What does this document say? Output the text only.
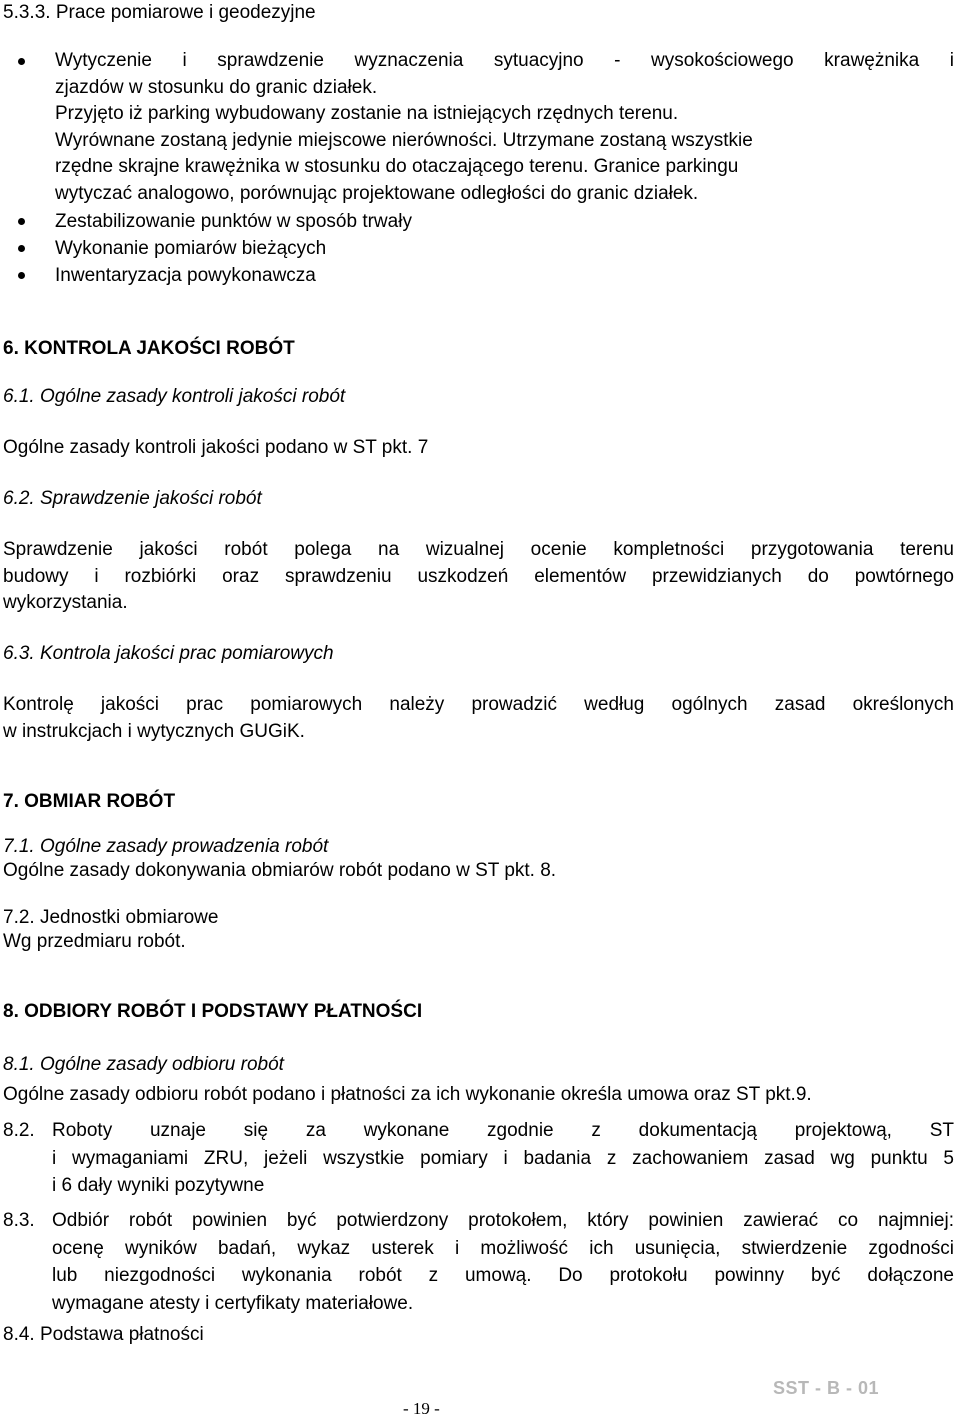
5.3.3. Prace pomiarowe i geodezyjne
Wytyczenie i sprawdzenie wyznaczenia sytuacyjno - wysokościowego krawężnika i
zjazdów w stosunku do granic działek.
Przyjęto iż parking wybudowany zostanie na istniejących rzędnych terenu.
Wyrównane zostaną jedynie miejscowe nierówności. Utrzymane zostaną wszystkie
rzędne skrajne krawężnika w stosunku do otaczającego terenu. Granice parkingu
wytyczać analogowo, porównując projektowane odległości do granic działek.
Zestabilizowanie punktów w sposób trwały
Wykonanie pomiarów bieżących
Inwentaryzacja powykonawcza
6. KONTROLA JAKOŚCI ROBÓT
6.1. Ogólne zasady kontroli jakości robót
Ogólne zasady kontroli jakości podano w ST pkt. 7
6.2. Sprawdzenie jakości robót
Sprawdzenie jakości robót polega na wizualnej ocenie kompletności przygotowania terenu
budowy i rozbiórki oraz sprawdzeniu uszkodzeń elementów przewidzianych do powtórnego
wykorzystania.
6.3. Kontrola jakości prac pomiarowych
Kontrolę jakości prac pomiarowych należy prowadzić według ogólnych zasad określonych
w instrukcjach i wytycznych GUGiK.
7. OBMIAR ROBÓT
7.1. Ogólne zasady prowadzenia robót
Ogólne zasady dokonywania obmiarów robót podano w ST pkt. 8.
7.2. Jednostki obmiarowe
Wg przedmiaru robót.
8. ODBIORY ROBÓT I PODSTAWY PŁATNOŚCI
8.1. Ogólne zasady odbioru robót
Ogólne zasady odbioru robót podano i płatności za ich wykonanie określa umowa oraz ST pkt.9.
8.2. Roboty uznaje się za wykonane zgodnie z dokumentacją projektową, ST
i wymaganiami ZRU, jeżeli wszystkie pomiary i badania z zachowaniem zasad wg punktu 5
i 6 dały wyniki pozytywne
8.3. Odbiór robót powinien być potwierdzony protokołem, który powinien zawierać co najmniej:
ocenę wyników badań, wykaz usterek i możliwość ich usunięcia, stwierdzenie zgodności
lub niezgodności wykonania robót z umową. Do protokołu powinny być dołączone
wymagane atesty i certyfikaty materiałowe.
8.4. Podstawa płatności
SST - B - 01
- 19 -
